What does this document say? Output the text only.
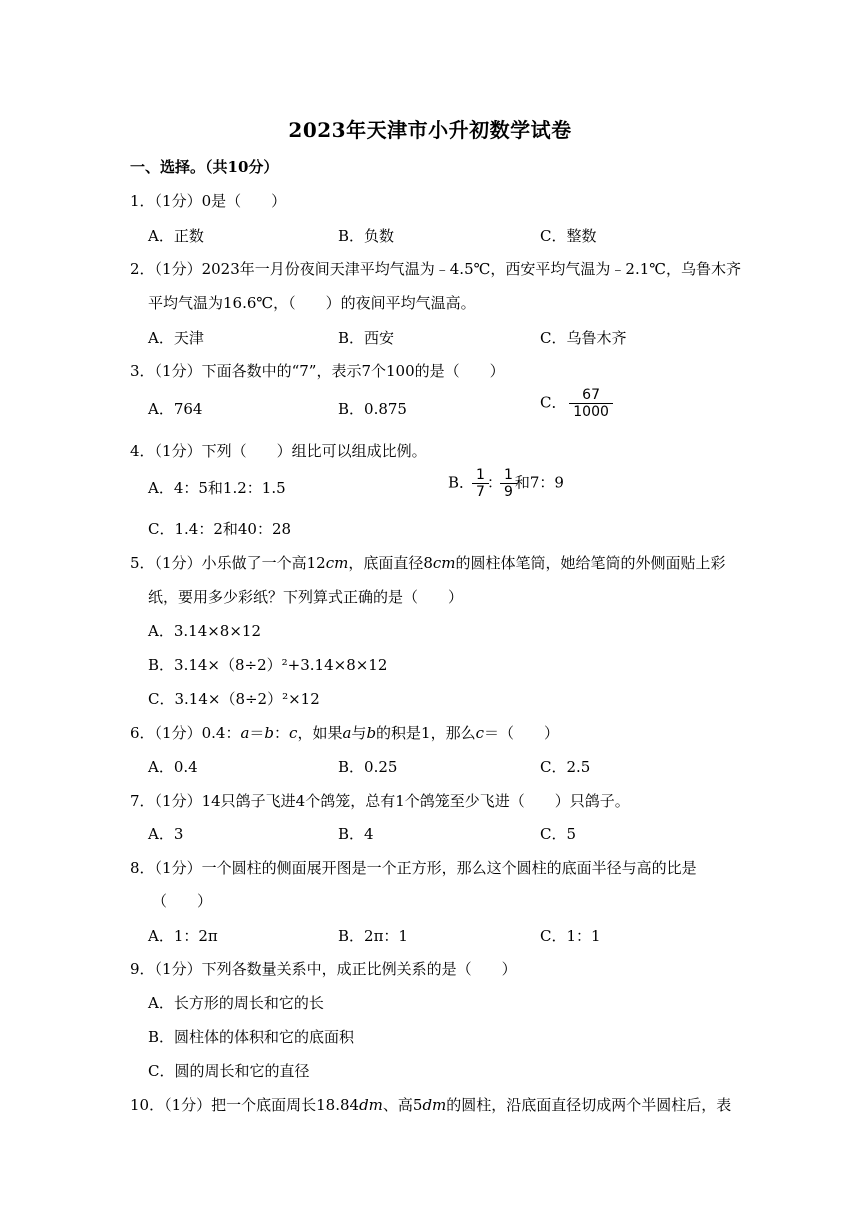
2023年天津市小升初数学试卷
一、选择。（共10分）
1．（1分）0是（　　）
A．正数	B．负数	C．整数
2．（1分）2023年一月份夜间天津平均气温为﹣4.5℃，西安平均气温为﹣2.1℃，乌鲁木齐
平均气温为16.6℃，（　　）的夜间平均气温高。
A．天津	B．西安	C．乌鲁木齐
3．（1分）下面各数中的“7”，表示7个100的是（　　）
A．764	B．0.875	C． $\frac{67}{1000}$
4．（1分）下列（　　）组比可以组成比例。
A．4：5和1.2：1.5	B． $\frac{1}{7}$ ： $\frac{1}{9}$ 和7：9
C．1.4：2和40：28
5．（1分）小乐做了一个高12cm，底面直径8cm的圆柱体笔筒，她给笔筒的外侧面贴上彩
纸，要用多少彩纸？下列算式正确的是（　　）
A．3.14×8×12
B．3.14×（8÷2）²+3.14×8×12
C．3.14×（8÷2）²×12
6．（1分）0.4：a＝b：c，如果a与b的积是1，那么c＝（　　）
A．0.4	B．0.25	C．2.5
7．（1分）14只鸽子飞进4个鸽笼，总有1个鸽笼至少飞进（　　）只鸽子。
A．3	B．4	C．5
8．（1分）一个圆柱的侧面展开图是一个正方形，那么这个圆柱的底面半径与高的比是
（　　）
A．1：2π	B．2π：1	C．1：1
9．（1分）下列各数量关系中，成正比例关系的是（　　）
A．长方形的周长和它的长
B．圆柱体的体积和它的底面积
C．圆的周长和它的直径
10．（1分）把一个底面周长18.84dm、高5dm的圆柱，沿底面直径切成两个半圆柱后，表
